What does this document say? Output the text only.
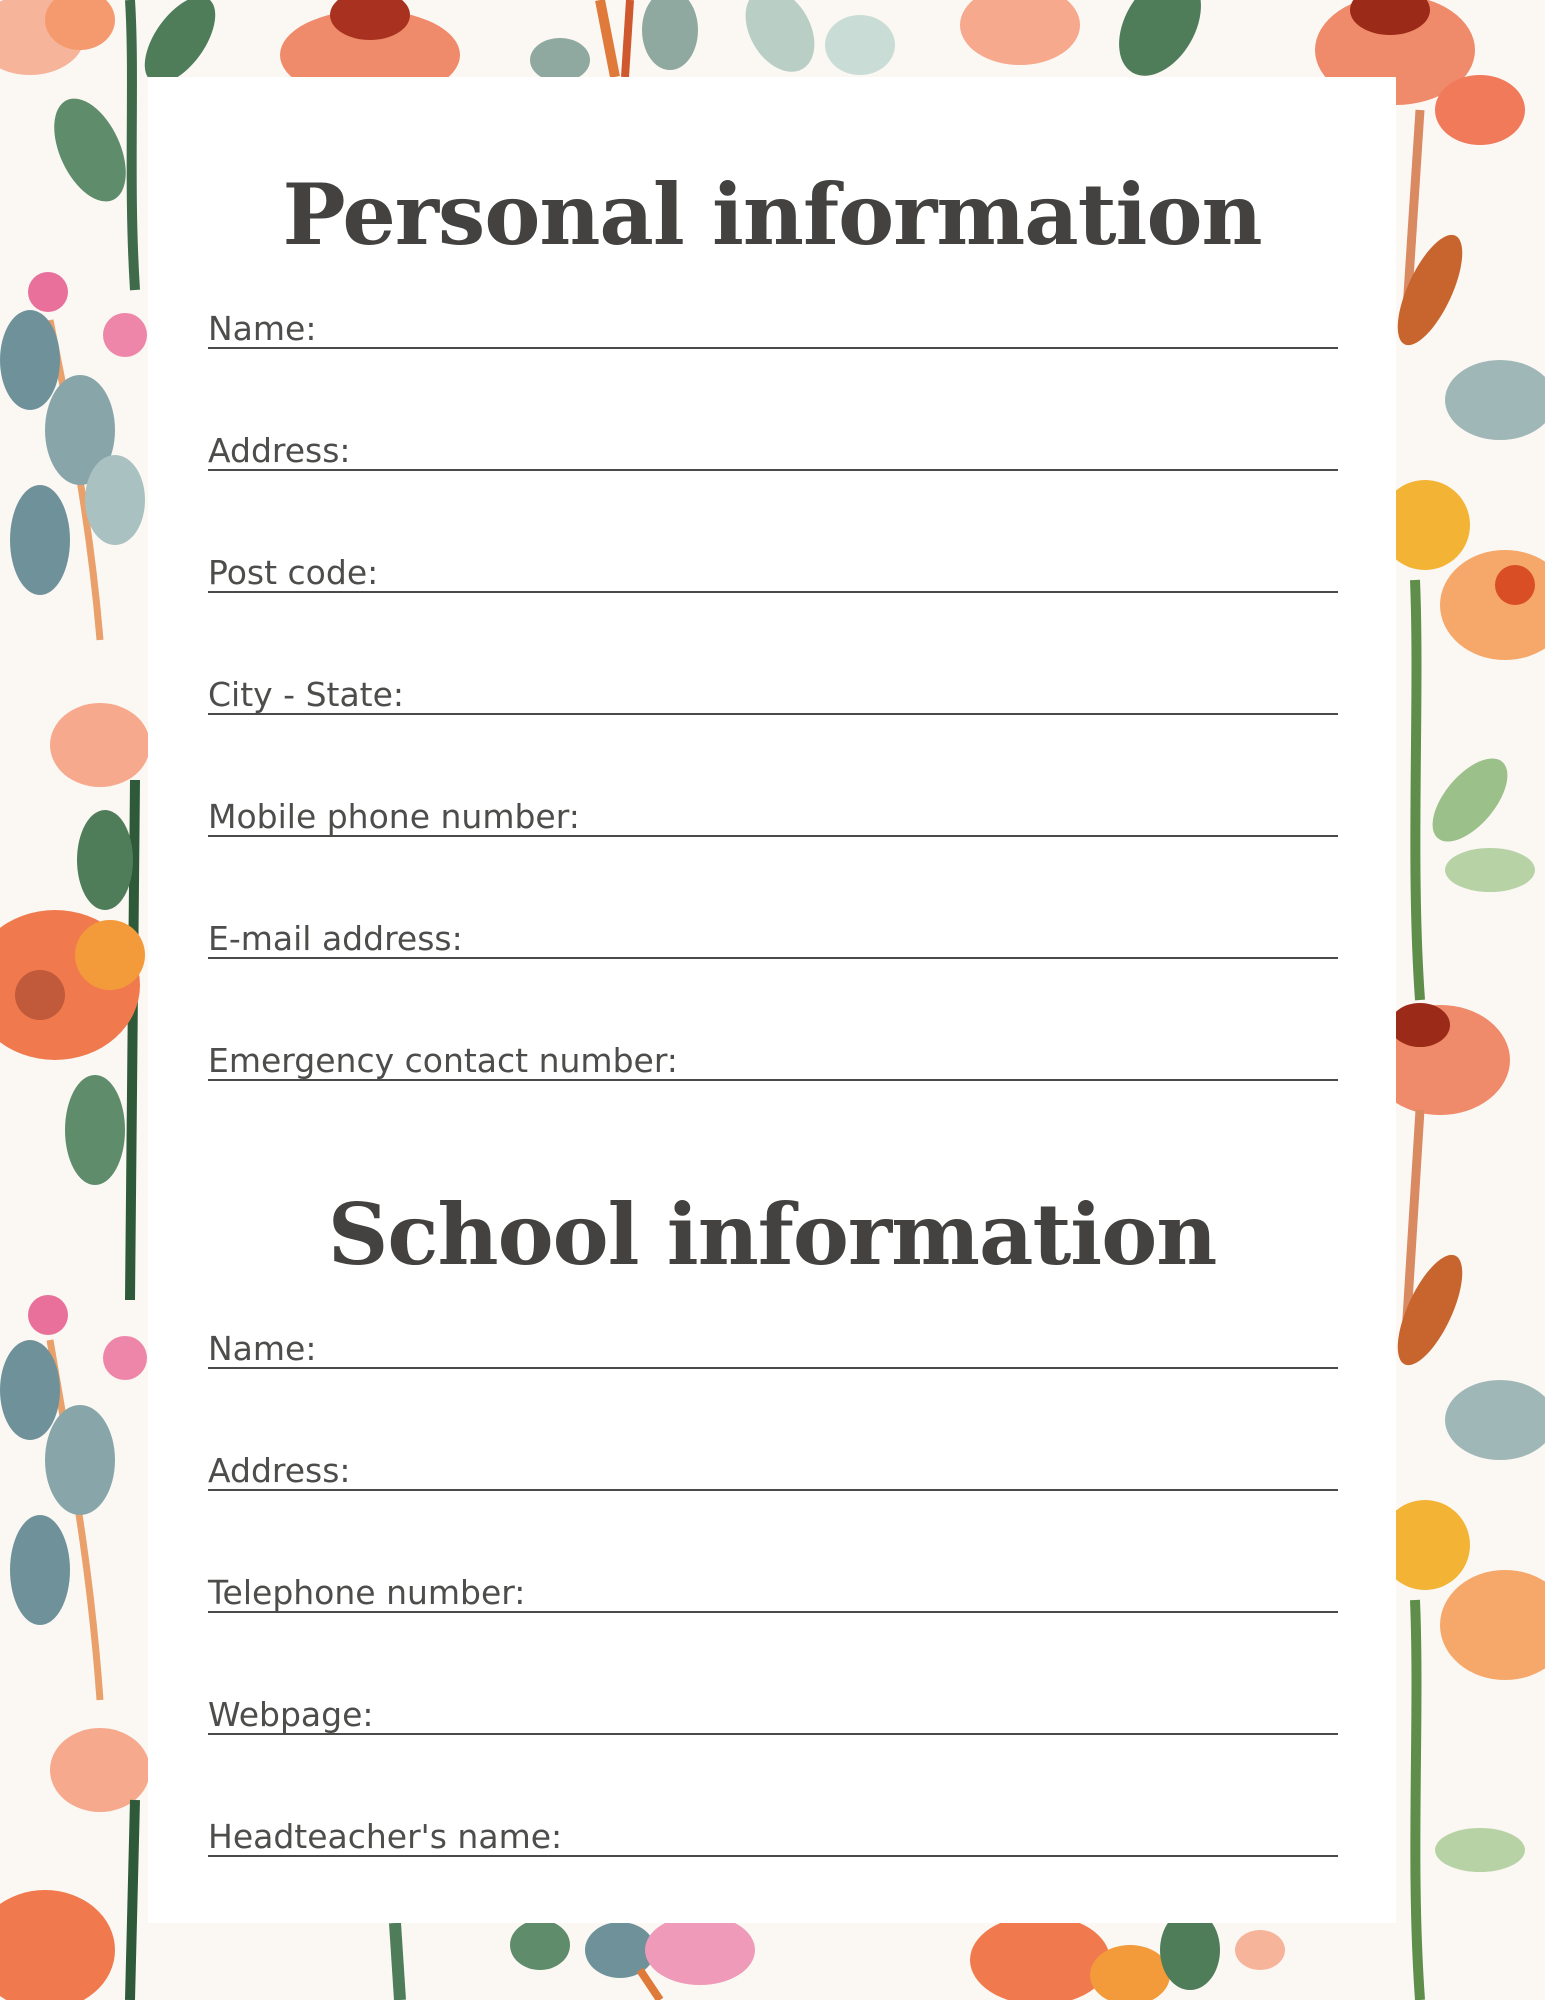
Personal information
Name:
Address:
Post code:
City - State:
Mobile phone number:
E-mail address:
Emergency contact number:
School information
Name:
Address:
Telephone number:
Webpage:
Headteacher's name:
